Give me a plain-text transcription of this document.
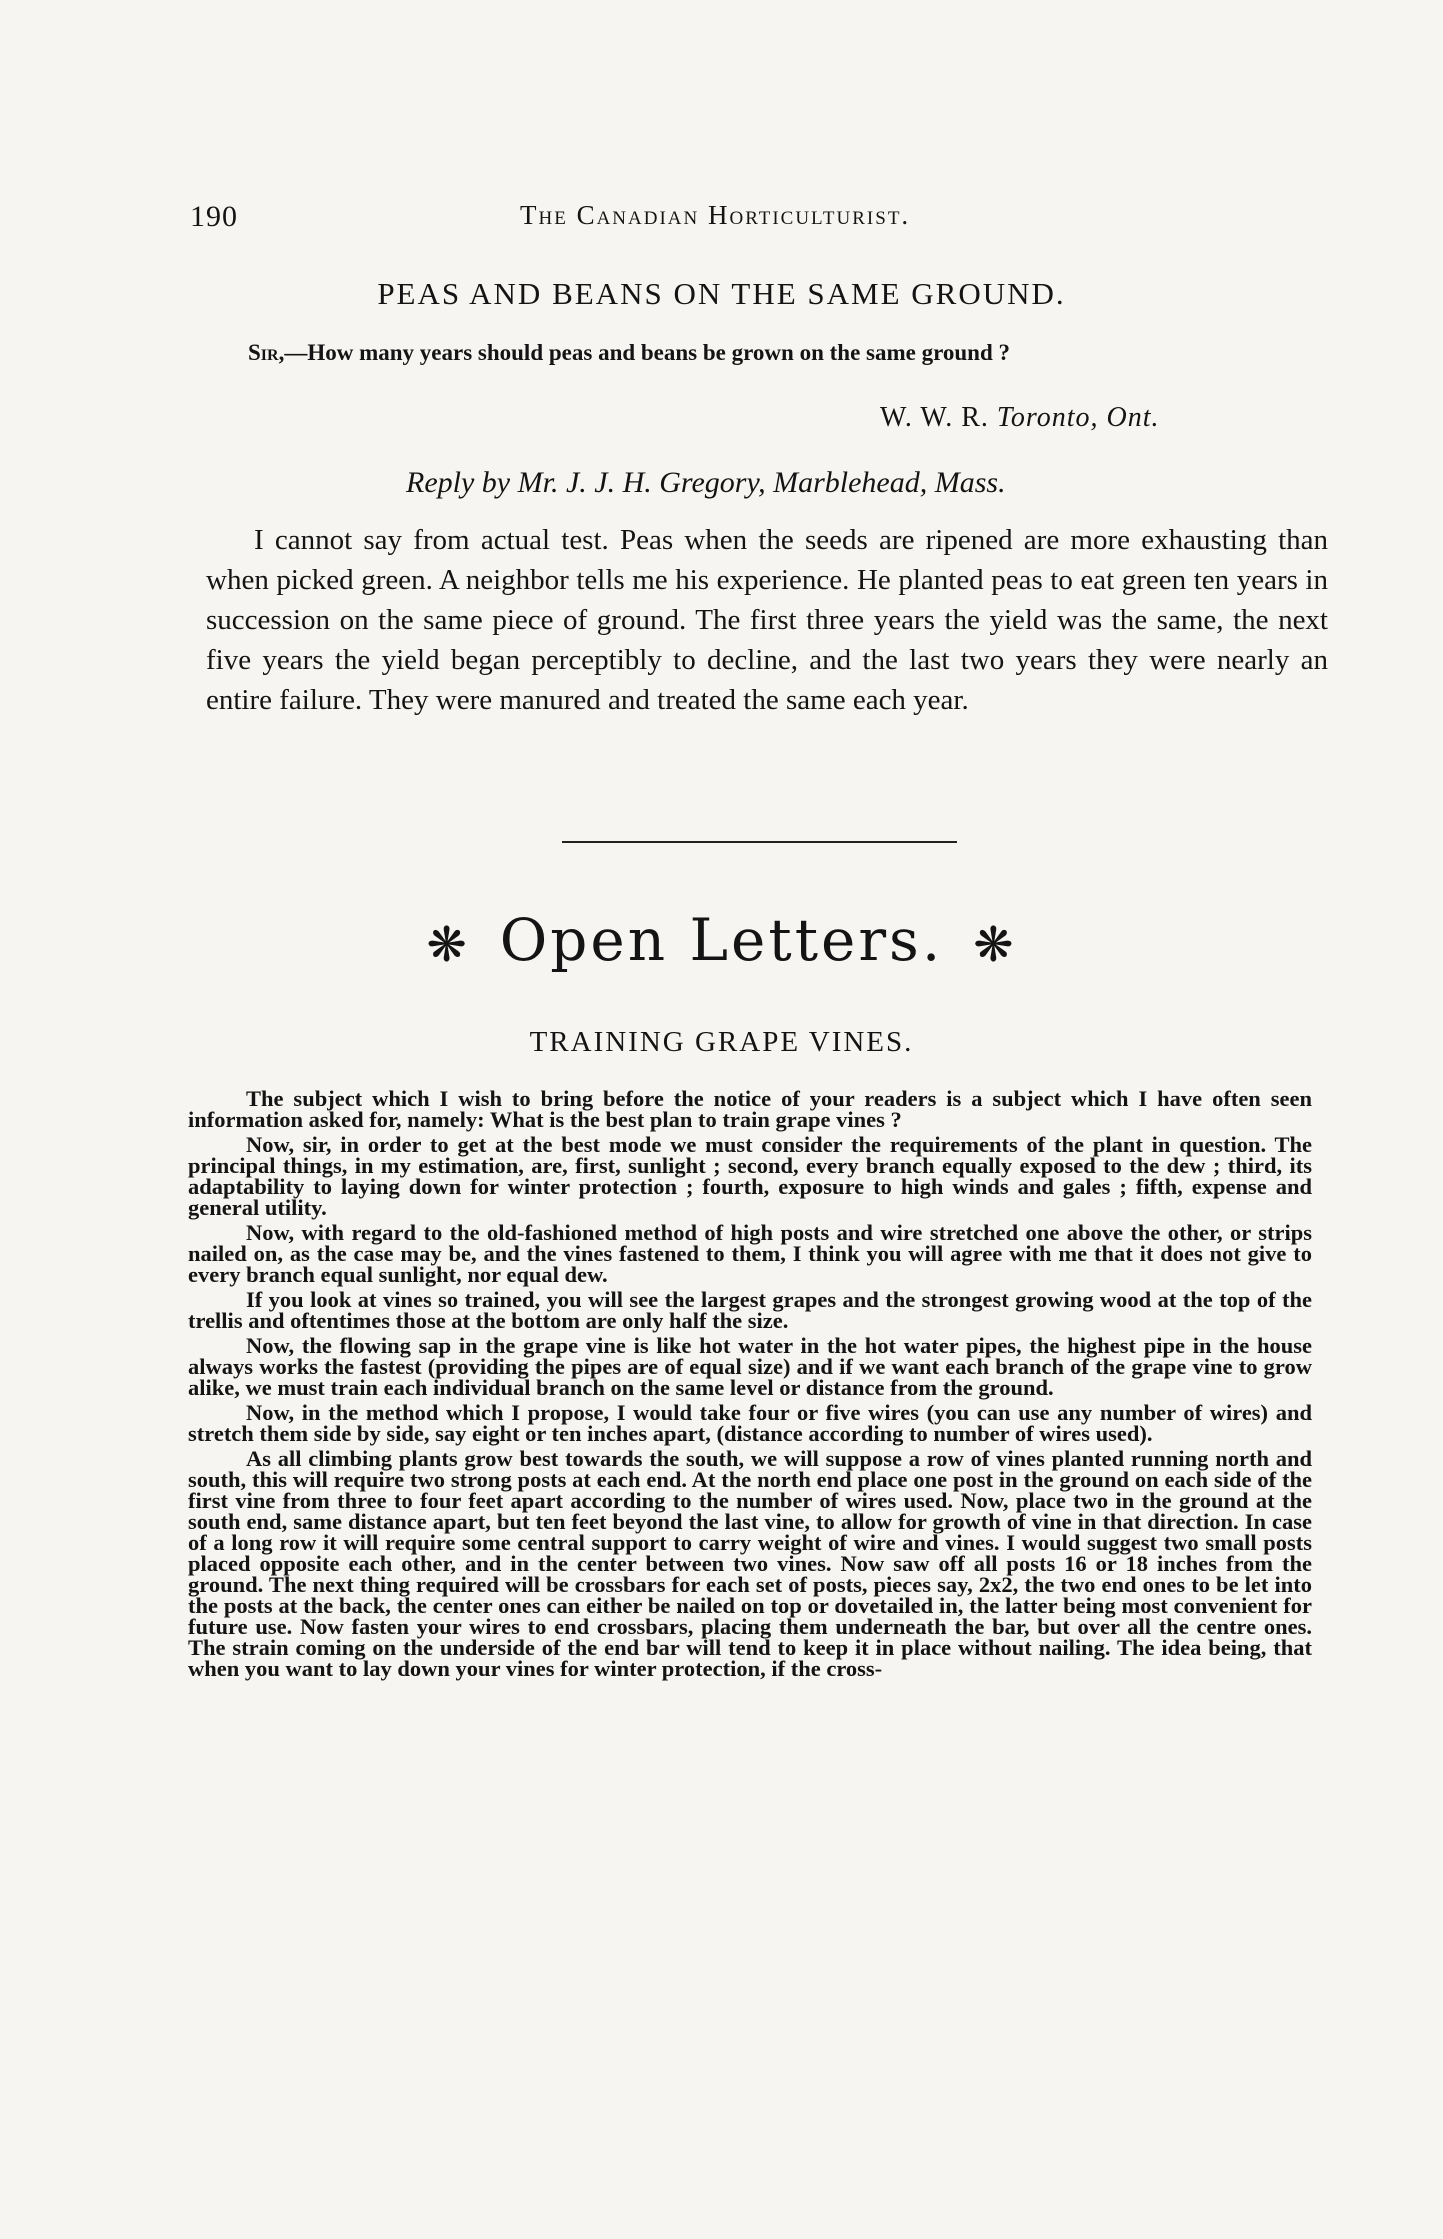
190	The Canadian Horticulturist.
PEAS AND BEANS ON THE SAME GROUND.
Sir,—How many years should peas and beans be grown on the same ground ?
W. W. R. Toronto, Ont.
Reply by Mr. J. J. H. Gregory, Marblehead, Mass.
I cannot say from actual test. Peas when the seeds are ripened are more exhausting than when picked green. A neighbor tells me his experience. He planted peas to eat green ten years in succession on the same piece of ground. The first three years the yield was the same, the next five years the yield began perceptibly to decline, and the last two years they were nearly an entire failure. They were manured and treated the same each year.
❋ Open Letters. ❋
TRAINING GRAPE VINES.

The subject which I wish to bring before the notice of your readers is a subject which I have often seen information asked for, namely: What is the best plan to train grape vines ?

Now, sir, in order to get at the best mode we must consider the requirements of the plant in question. The principal things, in my estimation, are, first, sunlight ; second, every branch equally exposed to the dew ; third, its adaptability to laying down for winter protection ; fourth, exposure to high winds and gales ; fifth, expense and general utility.

Now, with regard to the old-fashioned method of high posts and wire stretched one above the other, or strips nailed on, as the case may be, and the vines fastened to them, I think you will agree with me that it does not give to every branch equal sunlight, nor equal dew.

If you look at vines so trained, you will see the largest grapes and the strongest growing wood at the top of the trellis and oftentimes those at the bottom are only half the size.

Now, the flowing sap in the grape vine is like hot water in the hot water pipes, the highest pipe in the house always works the fastest (providing the pipes are of equal size) and if we want each branch of the grape vine to grow alike, we must train each individual branch on the same level or distance from the ground.

Now, in the method which I propose, I would take four or five wires (you can use any number of wires) and stretch them side by side, say eight or ten inches apart, (distance according to number of wires used).

As all climbing plants grow best towards the south, we will suppose a row of vines planted running north and south, this will require two strong posts at each end. At the north end place one post in the ground on each side of the first vine from three to four feet apart according to the number of wires used. Now, place two in the ground at the south end, same distance apart, but ten feet beyond the last vine, to allow for growth of vine in that direction. In case of a long row it will require some central support to carry weight of wire and vines. I would suggest two small posts placed opposite each other, and in the center between two vines. Now saw off all posts 16 or 18 inches from the ground. The next thing required will be crossbars for each set of posts, pieces say, 2x2, the two end ones to be let into the posts at the back, the center ones can either be nailed on top or dovetailed in, the latter being most convenient for future use. Now fasten your wires to end crossbars, placing them underneath the bar, but over all the centre ones. The strain coming on the underside of the end bar will tend to keep it in place without nailing. The idea being, that when you want to lay down your vines for winter protection, if the cross-
